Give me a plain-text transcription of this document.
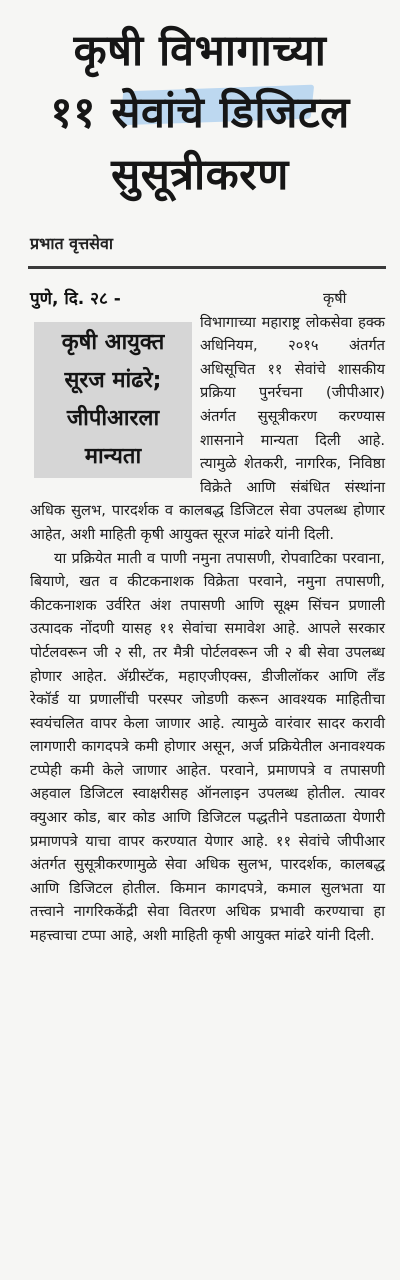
कृषी विभागाच्या
११ सेवांचे डिजिटल
सुसूत्रीकरण
प्रभात वृत्तसेवा
पुणे, दि. २८ -	कृषी विभागाच्या महाराष्ट्र लोकसेवा हक्क अधिनियम, २०१५ अंतर्गत अधिसूचित ११ सेवांचे शासकीय प्रक्रिया पुनर्रचना (जीपीआर) अंतर्गत सुसूत्रीकरण करण्यास शासनाने मान्यता दिली आहे. त्यामुळे शेतकरी, नागरिक, निविष्ठा विक्रेते आणि संबंधित संस्थांना अधिक सुलभ, पारदर्शक व कालबद्ध डिजिटल सेवा उपलब्ध होणार आहेत, अशी माहिती कृषी आयुक्त सूरज मांढरे यांनी दिली.

या प्रक्रियेत माती व पाणी नमुना तपासणी, रोपवाटिका परवाना, बियाणे, खत व कीटकनाशक विक्रेता परवाने, नमुना तपासणी, कीटकनाशक उर्वरित अंश तपासणी आणि सूक्ष्म सिंचन प्रणाली उत्पादक नोंदणी यासह ११ सेवांचा समावेश आहे. आपले सरकार पोर्टलवरून जी २ सी, तर मैत्री पोर्टलवरून जी २ बी सेवा उपलब्ध होणार आहेत. ॲग्रीस्टॅक, महाएजीएक्स, डीजीलॉकर आणि लँड रेकॉर्ड या प्रणालींची परस्पर जोडणी करून आवश्यक माहितीचा स्वयंचलित वापर केला जाणार आहे. त्यामुळे वारंवार सादर करावी लागणारी कागदपत्रे कमी होणार असून, अर्ज प्रक्रियेतील अनावश्यक टप्पेही कमी केले जाणार आहेत. परवाने, प्रमाणपत्रे व तपासणी अहवाल डिजिटल स्वाक्षरीसह ऑनलाइन उपलब्ध होतील. त्यावर क्युआर कोड, बार कोड आणि डिजिटल पद्धतीने पडताळता येणारी प्रमाणपत्रे याचा वापर करण्यात येणार आहे. ११ सेवांचे जीपीआर अंतर्गत सुसूत्रीकरणामुळे सेवा अधिक सुलभ, पारदर्शक, कालबद्ध आणि डिजिटल होतील. किमान कागदपत्रे, कमाल सुलभता या तत्त्वाने नागरिककेंद्री सेवा वितरण अधिक प्रभावी करण्याचा हा महत्त्वाचा टप्पा आहे, अशी माहिती कृषी आयुक्त मांढरे यांनी दिली.

कृषी आयुक्त
सूरज मांढरे;
जीपीआरला
मान्यता
